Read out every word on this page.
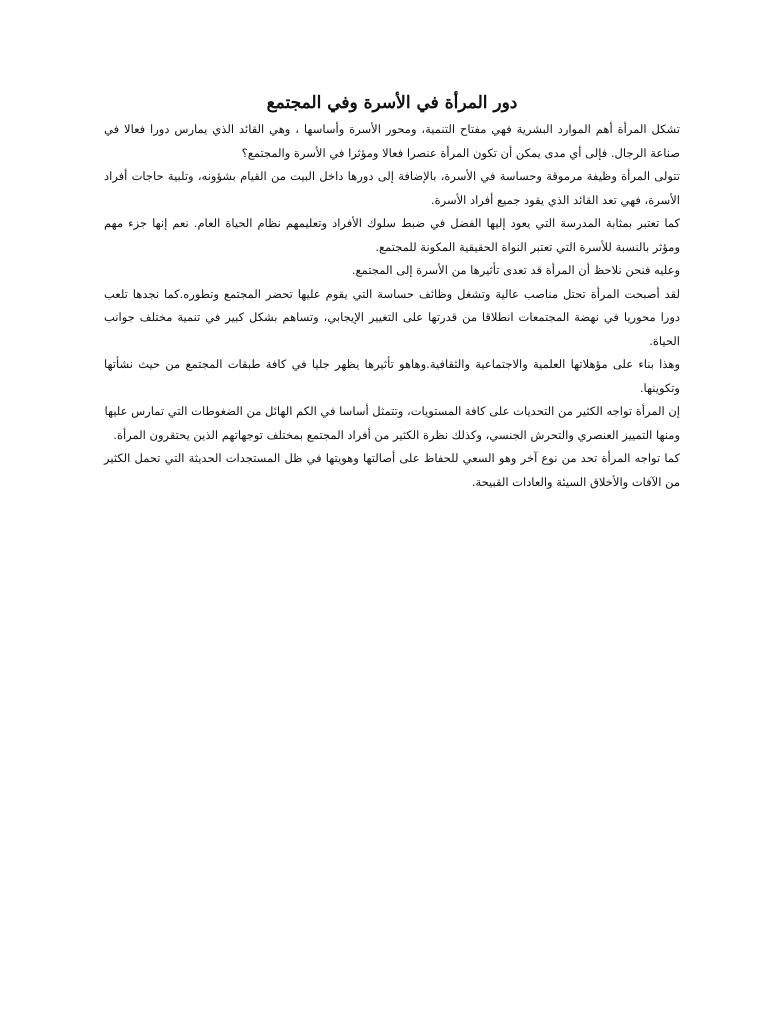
دور المرأة في الأسرة وفي المجتمع

تشكل المرأة أهم الموارد البشرية فهي مفتاح التنمية، ومحور الأسرة وأساسها ، وهي القائد الذي يمارس دورا فعالا في صناعة الرجال. فإلى أي مدى يمكن أن تكون المرأة عنصرا فعالا ومؤثرا في الأسرة والمجتمع؟

تتولى المرأة وظيفة مرموقة وحساسة في الأسرة، بالإضافة إلى دورها داخل البيت من القيام بشؤونه، وتلبية حاجات أفراد الأسرة، فهي تعد القائد الذي يقود جميع أفراد الأسرة.

كما تعتبر بمثابة المدرسة التي يعود إليها الفضل في ضبط سلوك الأفراد وتعليمهم نظام الحياة العام. نعم إنها جزء مهم ومؤثر بالنسبة للأسرة التي تعتبر النواة الحقيقية المكونة للمجتمع.

وعليه فنحن نلاحظ أن المرأة قد تعدى تأثيرها من الأسرة إلى المجتمع.

لقد أصبحت المرأة تحتل مناصب عالية وتشغل وظائف حساسة التي يقوم عليها تحضر المجتمع وتطوره.كما نجدها تلعب دورا محوريا في نهضة المجتمعات انطلاقا من قدرتها على التغيير الإيجابي، وتساهم بشكل كبير في تنمية مختلف جوانب الحياة.

وهذا بناء على مؤهلاتها العلمية والاجتماعية والثقافية.وهاهو تأثيرها يظهر جليا في كافة طبقات المجتمع من حيث نشأتها وتكوينها.

إن المرأة تواجه الكثير من التحديات على كافة المستويات، وتتمثل أساسا في الكم الهائل من الضغوطات التي تمارس عليها

ومنها التمييز العنصري والتحرش الجنسي، وكذلك نظرة الكثير من أفراد المجتمع بمختلف توجهاتهم الذين يحتقرون المرأة.

كما تواجه المرأة تحد من نوع آخر وهو السعي للحفاظ على أصالتها وهويتها في ظل المستجدات الحديثة التي تحمل الكثير من الآفات والأخلاق السيئة والعادات القبيحة.
